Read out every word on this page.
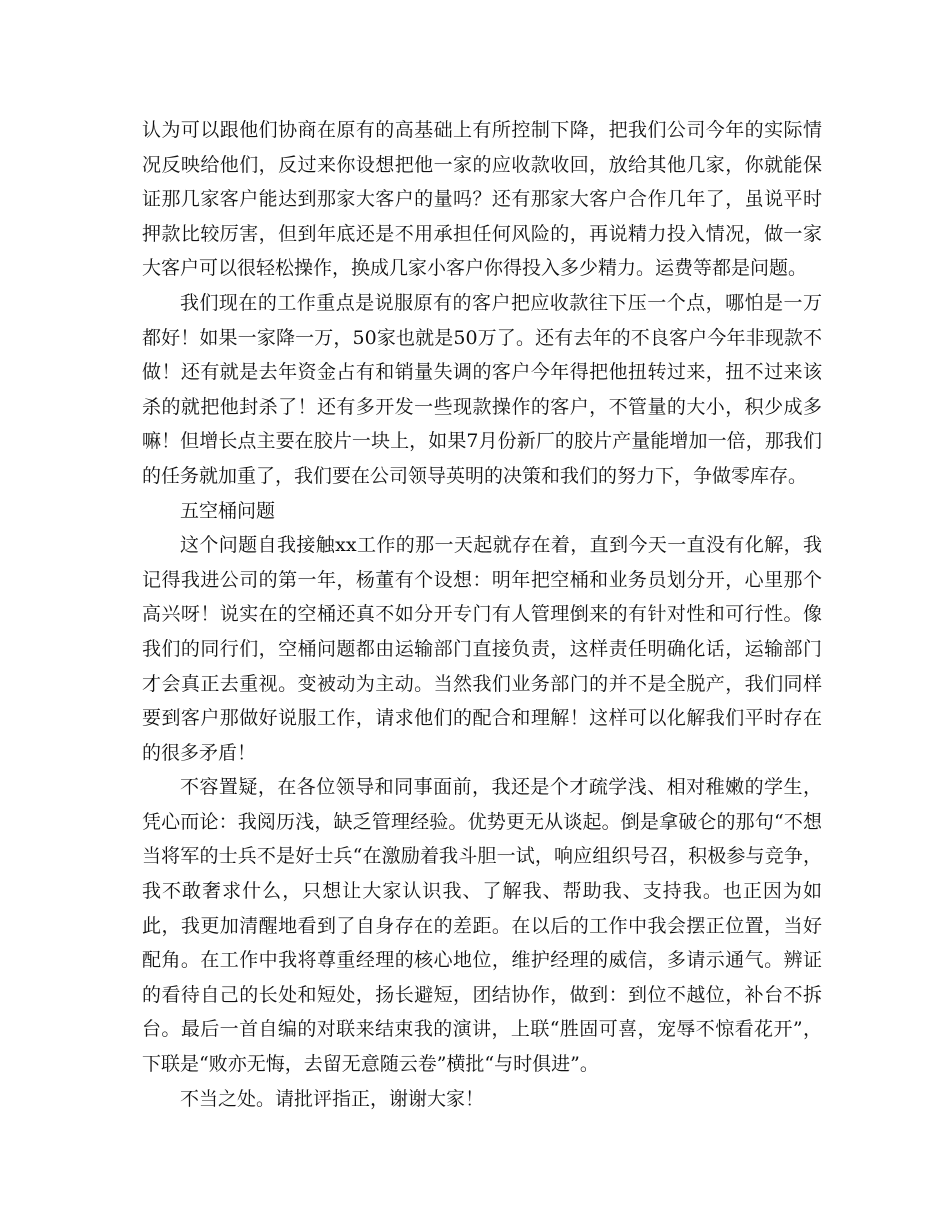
认为可以跟他们协商在原有的高基础上有所控制下降，把我们公司今年的实际情况反映给他们，反过来你设想把他一家的应收款收回，放给其他几家，你就能保证那几家客户能达到那家大客户的量吗？还有那家大客户合作几年了，虽说平时押款比较厉害，但到年底还是不用承担任何风险的，再说精力投入情况，做一家大客户可以很轻松操作，换成几家小客户你得投入多少精力。运费等都是问题。

我们现在的工作重点是说服原有的客户把应收款往下压一个点，哪怕是一万都好！如果一家降一万，50家也就是50万了。还有去年的不良客户今年非现款不做！还有就是去年资金占有和销量失调的客户今年得把他扭转过来，扭不过来该杀的就把他封杀了！还有多开发一些现款操作的客户，不管量的大小，积少成多嘛！但增长点主要在胶片一块上，如果7月份新厂的胶片产量能增加一倍，那我们的任务就加重了，我们要在公司领导英明的决策和我们的努力下，争做零库存。

五空桶问题

这个问题自我接触xx工作的那一天起就存在着，直到今天一直没有化解，我记得我进公司的第一年，杨董有个设想：明年把空桶和业务员划分开，心里那个高兴呀！说实在的空桶还真不如分开专门有人管理倒来的有针对性和可行性。像我们的同行们，空桶问题都由运输部门直接负责，这样责任明确化话，运输部门才会真正去重视。变被动为主动。当然我们业务部门的并不是全脱产，我们同样要到客户那做好说服工作，请求他们的配合和理解！这样可以化解我们平时存在的很多矛盾！

不容置疑，在各位领导和同事面前，我还是个才疏学浅、相对稚嫩的学生，凭心而论：我阅历浅，缺乏管理经验。优势更无从谈起。倒是拿破仑的那句“不想当将军的士兵不是好士兵“在激励着我斗胆一试，响应组织号召，积极参与竞争，我不敢奢求什么，只想让大家认识我、了解我、帮助我、支持我。也正因为如此，我更加清醒地看到了自身存在的差距。在以后的工作中我会摆正位置，当好配角。在工作中我将尊重经理的核心地位，维护经理的威信，多请示通气。辨证的看待自己的长处和短处，扬长避短，团结协作，做到：到位不越位，补台不拆台。最后一首自编的对联来结束我的演讲，上联“胜固可喜，宠辱不惊看花开”，下联是“败亦无悔，去留无意随云卷”横批“与时俱进”。

不当之处。请批评指正，谢谢大家！
